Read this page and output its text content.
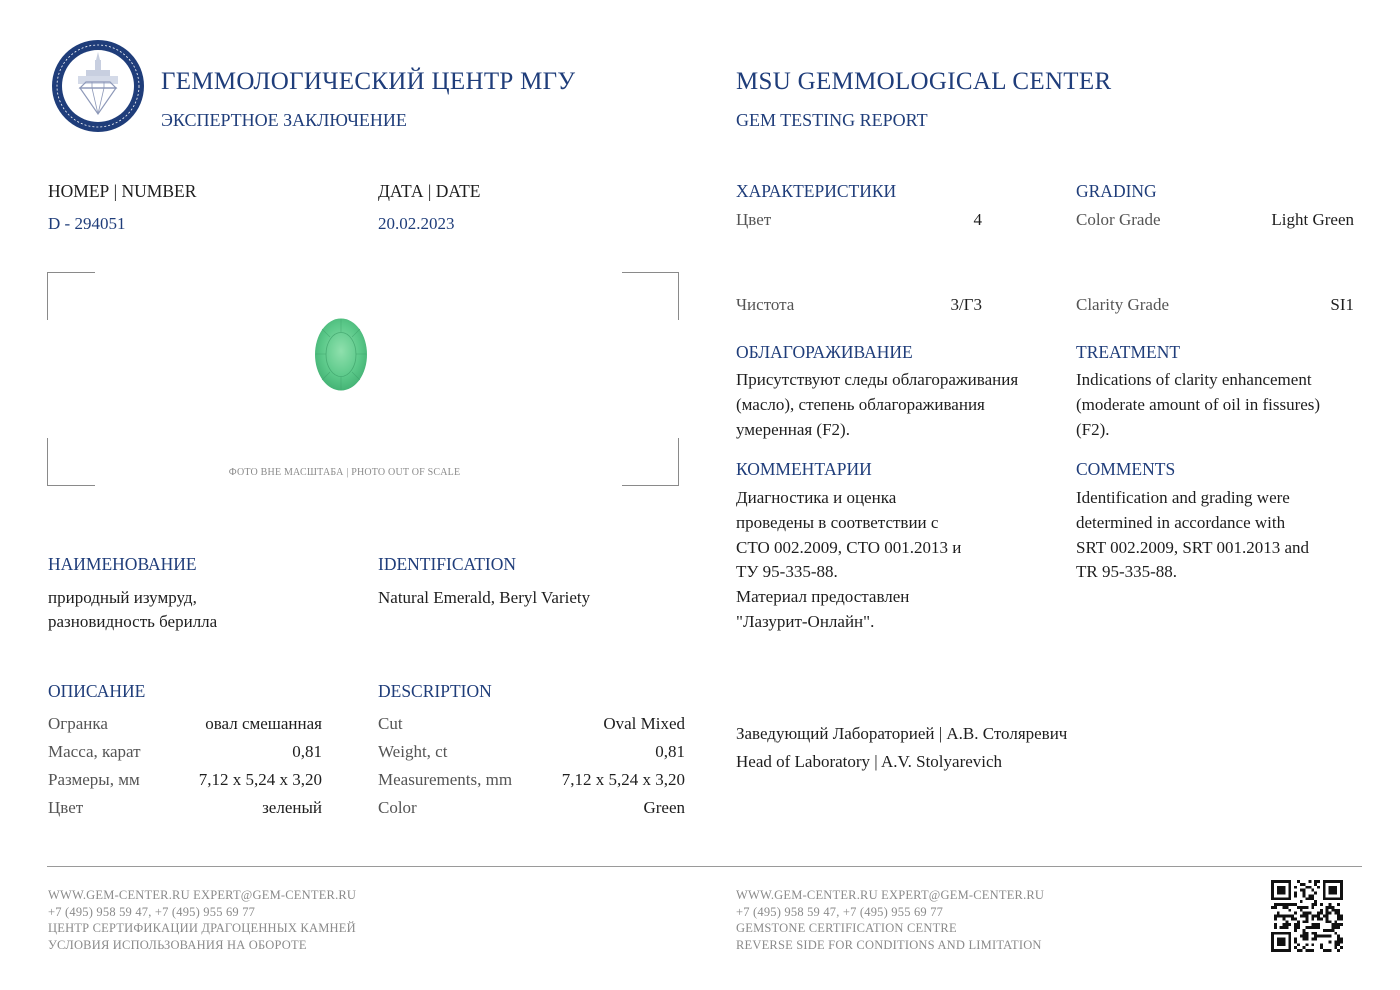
ГЕММОЛОГИЧЕСКИЙ ЦЕНТР МГУ
ЭКСПЕРТНОЕ ЗАКЛЮЧЕНИЕ
MSU GEMMOLOGICAL CENTER
GEM TESTING REPORT
НОМЕР | NUMBER
D - 294051
ДАТА | DATE
20.02.2023
ФОТО ВНЕ МАСШТАБА | PHOTO OUT OF SCALE
НАИМЕНОВАНИЕ
природный изумруд,
разновидность берилла
IDENTIFICATION
Natural Emerald, Beryl Variety
ОПИСАНИЕ	DESCRIPTION
Огранка	овал смешанная
Масса, карат	0,81
Размеры, мм	7,12 x 5,24 x 3,20
Цвет	зеленый
Cut	Oval Mixed
Weight, ct	0,81
Measurements, mm	7,12 x 5,24 x 3,20
Color	Green
ХАРАКТЕРИСТИКИ	GRADING
Цвет	4	Color Grade	Light Green
Чистота	3/Г3	Clarity Grade	SI1
ОБЛАГОРАЖИВАНИЕ	TREATMENT
Присутствуют следы облагораживания
(масло), степень облагораживания
умеренная (F2).
Indications of clarity enhancement
(moderate amount of oil in fissures)
(F2).
КОММЕНТАРИИ	COMMENTS
Диагностика и оценка
проведены в соответствии с
СТО 002.2009, СТО 001.2013 и
ТУ 95-335-88.
Материал предоставлен
"Лазурит-Онлайн".
Identification and grading were
determined in accordance with
SRT 002.2009, SRT 001.2013 and
TR 95-335-88.
Заведующий Лабораторией | А.В. Столяревич
Head of Laboratory | A.V. Stolyarevich
WWW.GEM-CENTER.RU EXPERT@GEM-CENTER.RU
+7 (495) 958 59 47, +7 (495) 955 69 77
ЦЕНТР СЕРТИФИКАЦИИ ДРАГОЦЕННЫХ КАМНЕЙ
УСЛОВИЯ ИСПОЛЬЗОВАНИЯ НА ОБОРОТЕ
WWW.GEM-CENTER.RU EXPERT@GEM-CENTER.RU
+7 (495) 958 59 47, +7 (495) 955 69 77
GEMSTONE CERTIFICATION CENTRE
REVERSE SIDE FOR CONDITIONS AND LIMITATION
